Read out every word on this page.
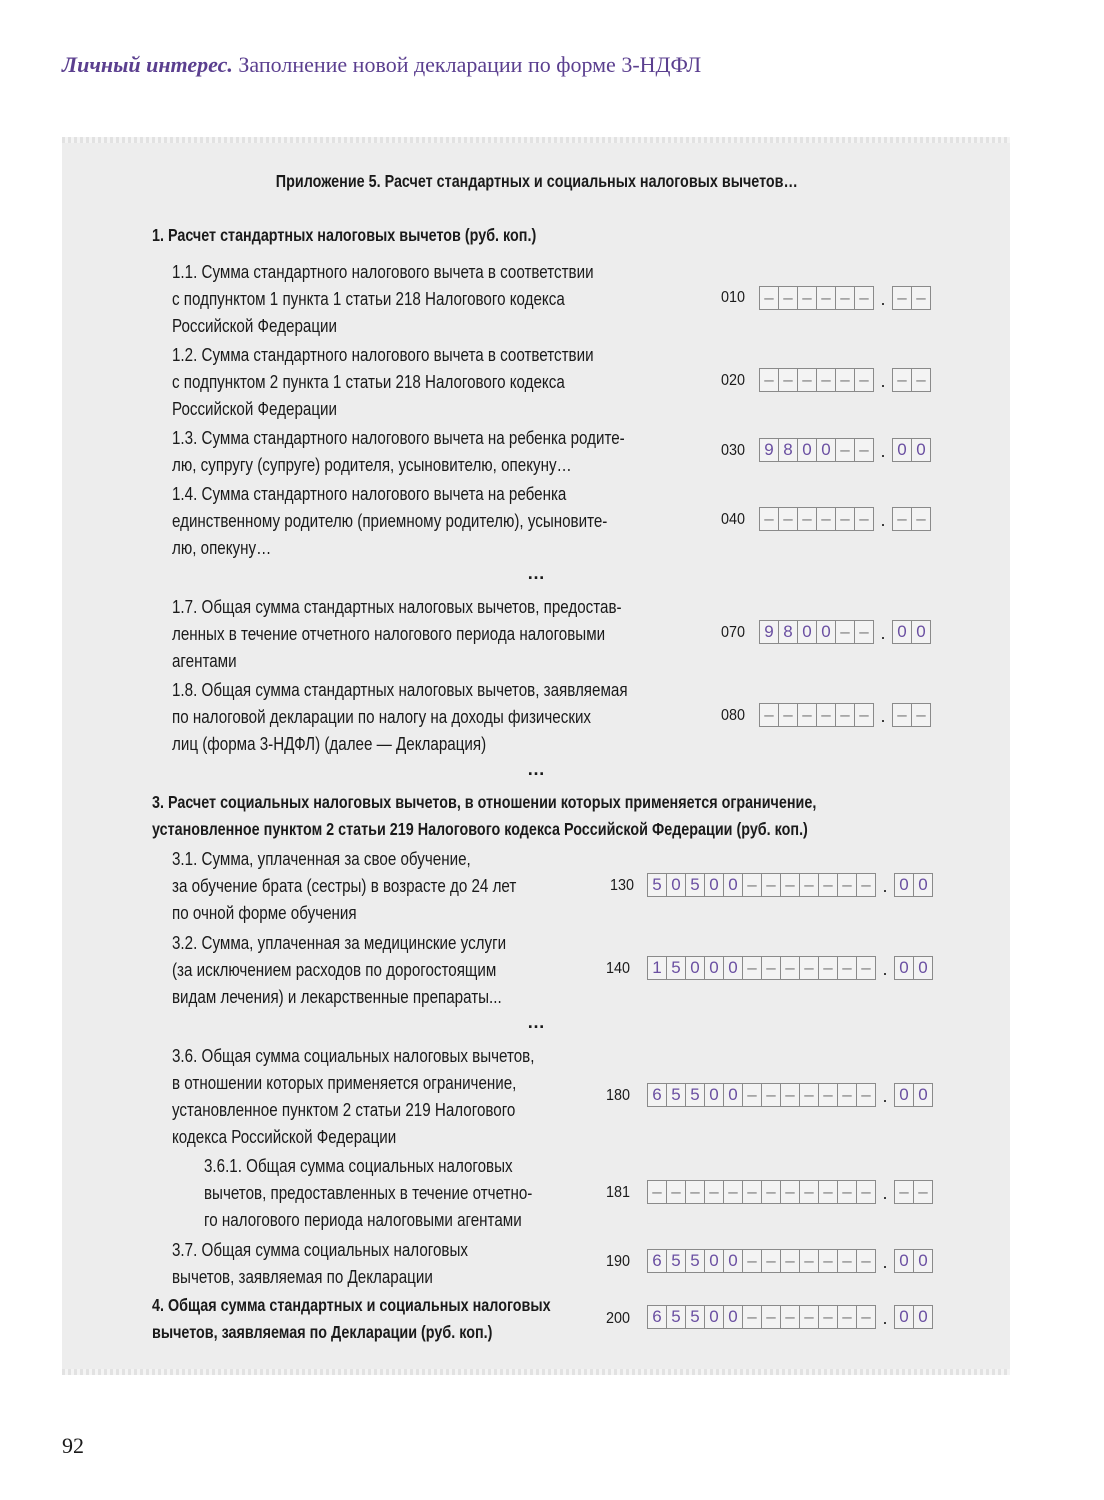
Личный интерес. Заполнение новой декларации по форме 3-НДФЛ
Приложение 5. Расчет стандартных и социальных налоговых вычетов…
1. Расчет стандартных налоговых вычетов (руб. коп.)
1.1. Сумма стандартного налогового вычета в соответствии
с подпунктом 1 пункта 1 статьи 218 Налогового кодекса
Российской Федерации
010 – – – – – – . – –
1.2. Сумма стандартного налогового вычета в соответствии
с подпунктом 2 пункта 1 статьи 218 Налогового кодекса
Российской Федерации
020 – – – – – – . – –
1.3. Сумма стандартного налогового вычета на ребенка родите-
лю, супругу (супруге) родителя, усыновителю, опекуну…
030 9 8 0 0 – – . 0 0
1.4. Сумма стандартного налогового вычета на ребенка
единственному родителю (приемному родителю), усыновите-
лю, опекуну…
040 – – – – – – . – –
…
1.7. Общая сумма стандартных налоговых вычетов, предостав-
ленных в течение отчетного налогового периода налоговыми
агентами
070 9 8 0 0 – – . 0 0
1.8. Общая сумма стандартных налоговых вычетов, заявляемая
по налоговой декларации по налогу на доходы физических
лиц (форма 3-НДФЛ) (далее — Декларация)
080 – – – – – – . – –
…
3. Расчет социальных налоговых вычетов, в отношении которых применяется ограничение,
установленное пунктом 2 статьи 219 Налогового кодекса Российской Федерации (руб. коп.)
3.1. Сумма, уплаченная за свое обучение,
за обучение брата (сестры) в возрасте до 24 лет
по очной форме обучения
130 5 0 5 0 0 – – – – – – – . 0 0
3.2. Сумма, уплаченная за медицинские услуги
(за исключением расходов по дорогостоящим
видам лечения) и лекарственные препараты...
140 1 5 0 0 0 – – – – – – – . 0 0
…
3.6. Общая сумма социальных налоговых вычетов,
в отношении которых применяется ограничение,
установленное пунктом 2 статьи 219 Налогового
кодекса Российской Федерации
180 6 5 5 0 0 – – – – – – – . 0 0
3.6.1. Общая сумма социальных налоговых
вычетов, предоставленных в течение отчетно-
го налогового периода налоговыми агентами
181 – – – – – – – – – – – – . – –
3.7. Общая сумма социальных налоговых
вычетов, заявляемая по Декларации
190 6 5 5 0 0 – – – – – – – . 0 0
4. Общая сумма стандартных и социальных налоговых
вычетов, заявляемая по Декларации (руб. коп.)
200 6 5 5 0 0 – – – – – – – . 0 0
92
